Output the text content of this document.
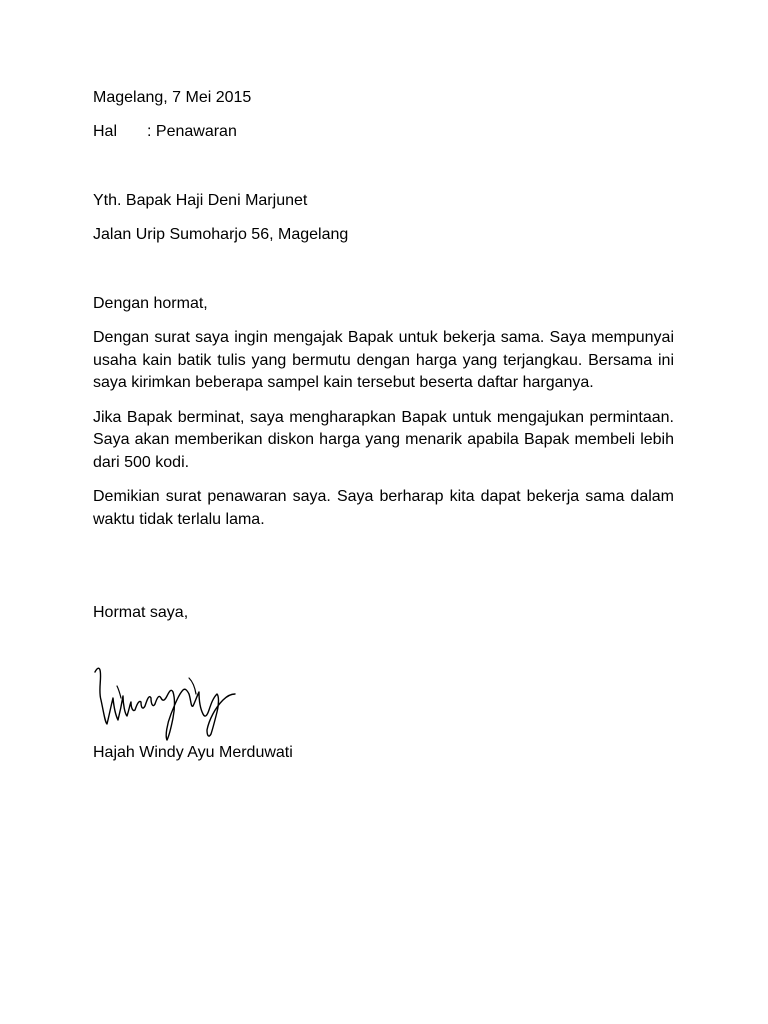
Magelang, 7 Mei 2015
Hal : Penawaran
Yth. Bapak Haji Deni Marjunet
Jalan Urip Sumoharjo 56, Magelang
Dengan hormat,

Dengan surat saya ingin mengajak Bapak untuk bekerja sama. Saya mempunyai usaha kain batik tulis yang bermutu dengan harga yang terjangkau. Bersama ini saya kirimkan beberapa sampel kain tersebut beserta daftar harganya.

Jika Bapak berminat, saya mengharapkan Bapak untuk mengajukan permintaan. Saya akan memberikan diskon harga yang menarik apabila Bapak membeli lebih dari 500 kodi.

Demikian surat penawaran saya. Saya berharap kita dapat bekerja sama dalam waktu tidak terlalu lama.

Hormat saya,
Hajah Windy Ayu Merduwati
